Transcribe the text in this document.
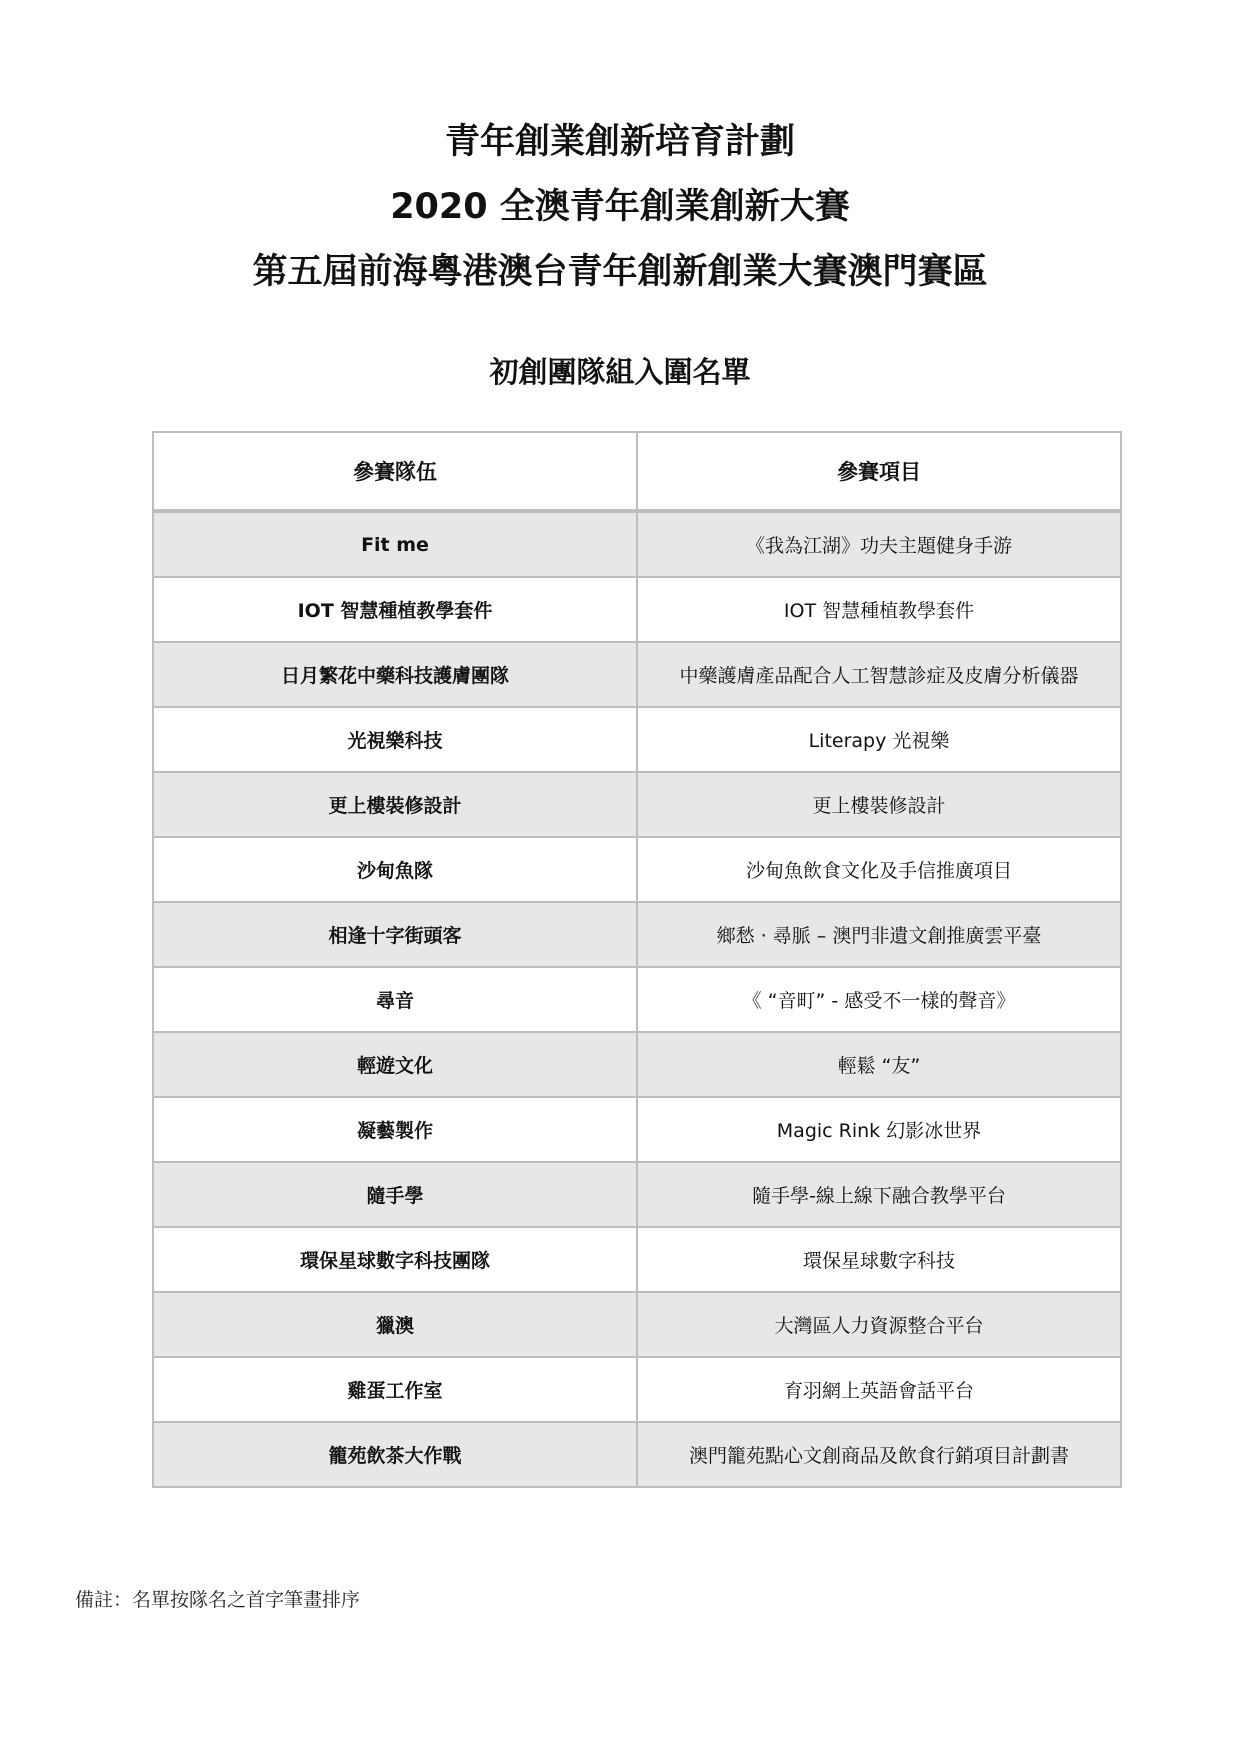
青年創業創新培育計劃
2020 全澳青年創業創新大賽
第五屆前海粵港澳台青年創新創業大賽澳門賽區
初創團隊組入圍名單
參賽隊伍	參賽項目
Fit me	《我為江湖》功夫主題健身手游
IOT 智慧種植教學套件	IOT 智慧種植教學套件
日月繁花中藥科技護膚團隊	中藥護膚產品配合人工智慧診症及皮膚分析儀器
光視樂科技	Literapy 光視樂
更上樓裝修設計	更上樓裝修設計
沙甸魚隊	沙甸魚飲食文化及手信推廣項目
相逢十字街頭客	鄉愁 · 尋脈 – 澳門非遺文創推廣雲平臺
尋音	《 “音町” - 感受不一樣的聲音》
輕遊文化	輕鬆 “友”
凝藝製作	Magic Rink 幻影冰世界
隨手學	隨手學-線上線下融合教學平台
環保星球數字科技團隊	環保星球數字科技
獵澳	大灣區人力資源整合平台
雞蛋工作室	育羽網上英語會話平台
籠苑飲茶大作戰	澳門籠苑點心文創商品及飲食行銷項目計劃書
備註：名單按隊名之首字筆畫排序
